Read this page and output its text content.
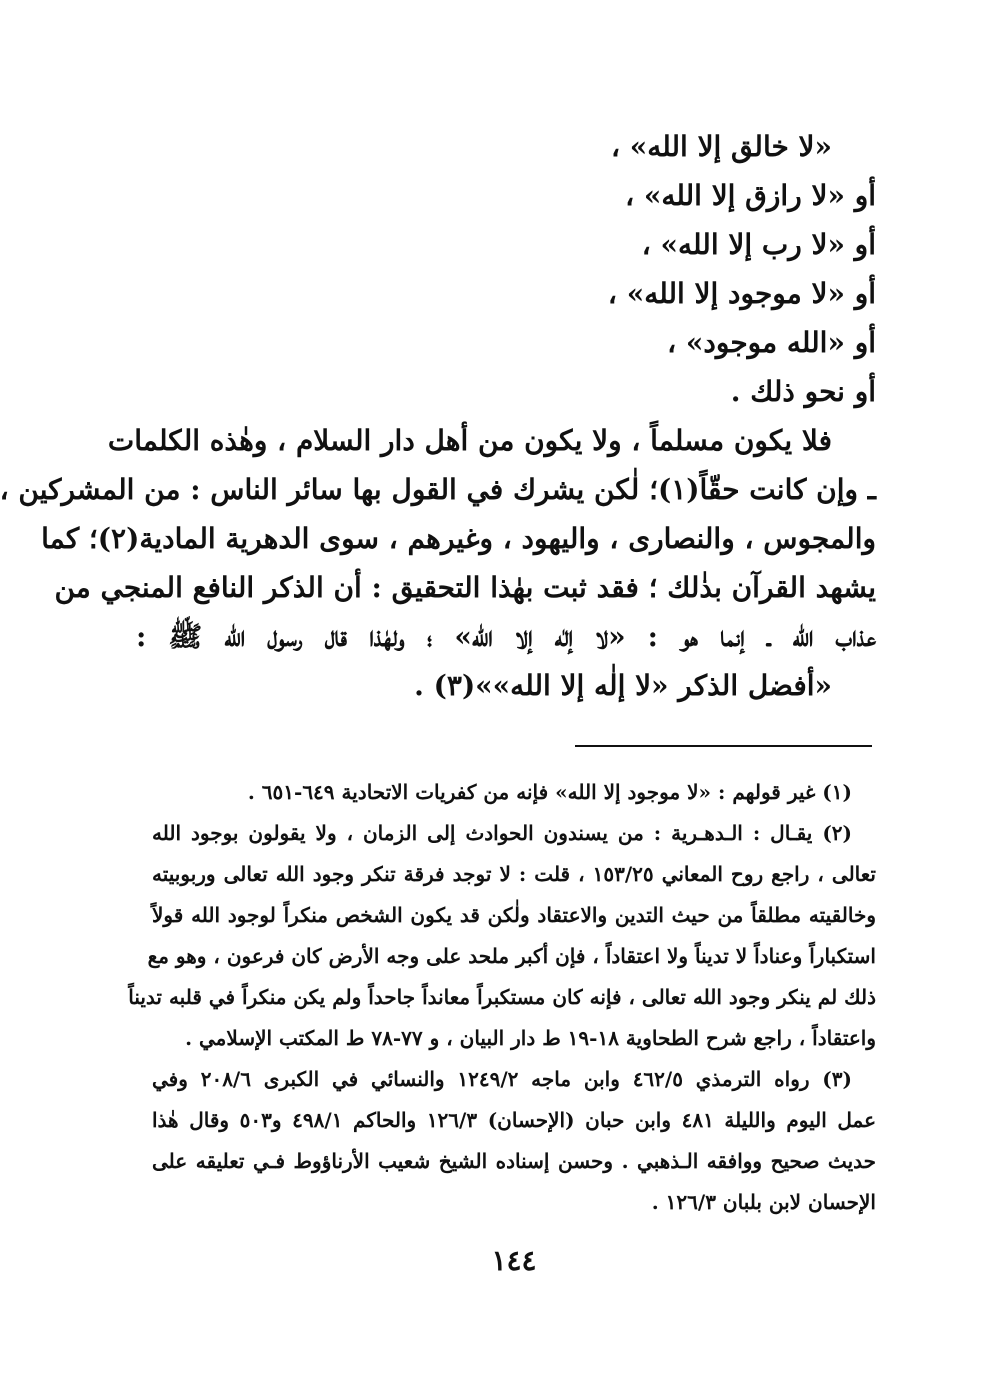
«لا خالق إلا الله» ،
أو «لا رازق إلا الله» ،
أو «لا رب إلا الله» ،
أو «لا موجود إلا الله» ،
أو «الله موجود» ،
أو نحو ذلك .
فلا يكون مسلماً ، ولا يكون من أهل دار السلام ، وهٰذه الكلمات
ـ وإن كانت حقّاً(١)؛ لٰكن يشرك في القول بها سائر الناس : من المشركين ،
والمجوس ، والنصارى ، واليهود ، وغيرهم ، سوى الدهرية المادية(٢)؛ كما
يشهد القرآن بذٰلك ؛ فقد ثبت بهٰذا التحقيق : أن الذكر النافع المنجي من
عذاب الله ـ إنما هو : «لا إلٰه إلا الله» ؛ ولهٰذا قال رسول الله ﷺ :
«أفضل الذكر «لا إلٰه إلا الله»»(٣) .
(١) غير قولهم : «لا موجود إلا الله» فإنه من كفريات الاتحادية ٦٤٩-٦٥١ .
(٢) يقـال : الـدهـرية : من يسندون الحوادث إلى الزمان ، ولا يقولون بوجود الله
تعالى ، راجع روح المعاني ١٥٣/٢٥ ، قلت : لا توجد فرقة تنكر وجود الله تعالى وربوبيته
وخالقيته مطلقاً من حيث التدين والاعتقاد ولٰكن قد يكون الشخص منكراً لوجود الله قولاً
استكباراً وعناداً لا تديناً ولا اعتقاداً ، فإن أكبر ملحد على وجه الأرض كان فرعون ، وهو مع
ذلك لم ينكر وجود الله تعالى ، فإنه كان مستكبراً معانداً جاحداً ولم يكن منكراً في قلبه تديناً
واعتقاداً ، راجع شرح الطحاوية ١٨-١٩ ط دار البيان ، و ٧٧-٧٨ ط المكتب الإسلامي .
(٣) رواه الترمذي ٤٦٢/٥ وابن ماجه ١٢٤٩/٢ والنسائي في الكبرى ٢٠٨/٦ وفي
عمل اليوم والليلة ٤٨١ وابن حبان (الإحسان) ١٢٦/٣ والحاكم ٤٩٨/١ و٥٠٣ وقال هٰذا
حديث صحيح ووافقه الـذهبي . وحسن إسناده الشيخ شعيب الأرناؤوط فـي تعليقه على
الإحسان لابن بلبان ١٢٦/٣ .
١٤٤
